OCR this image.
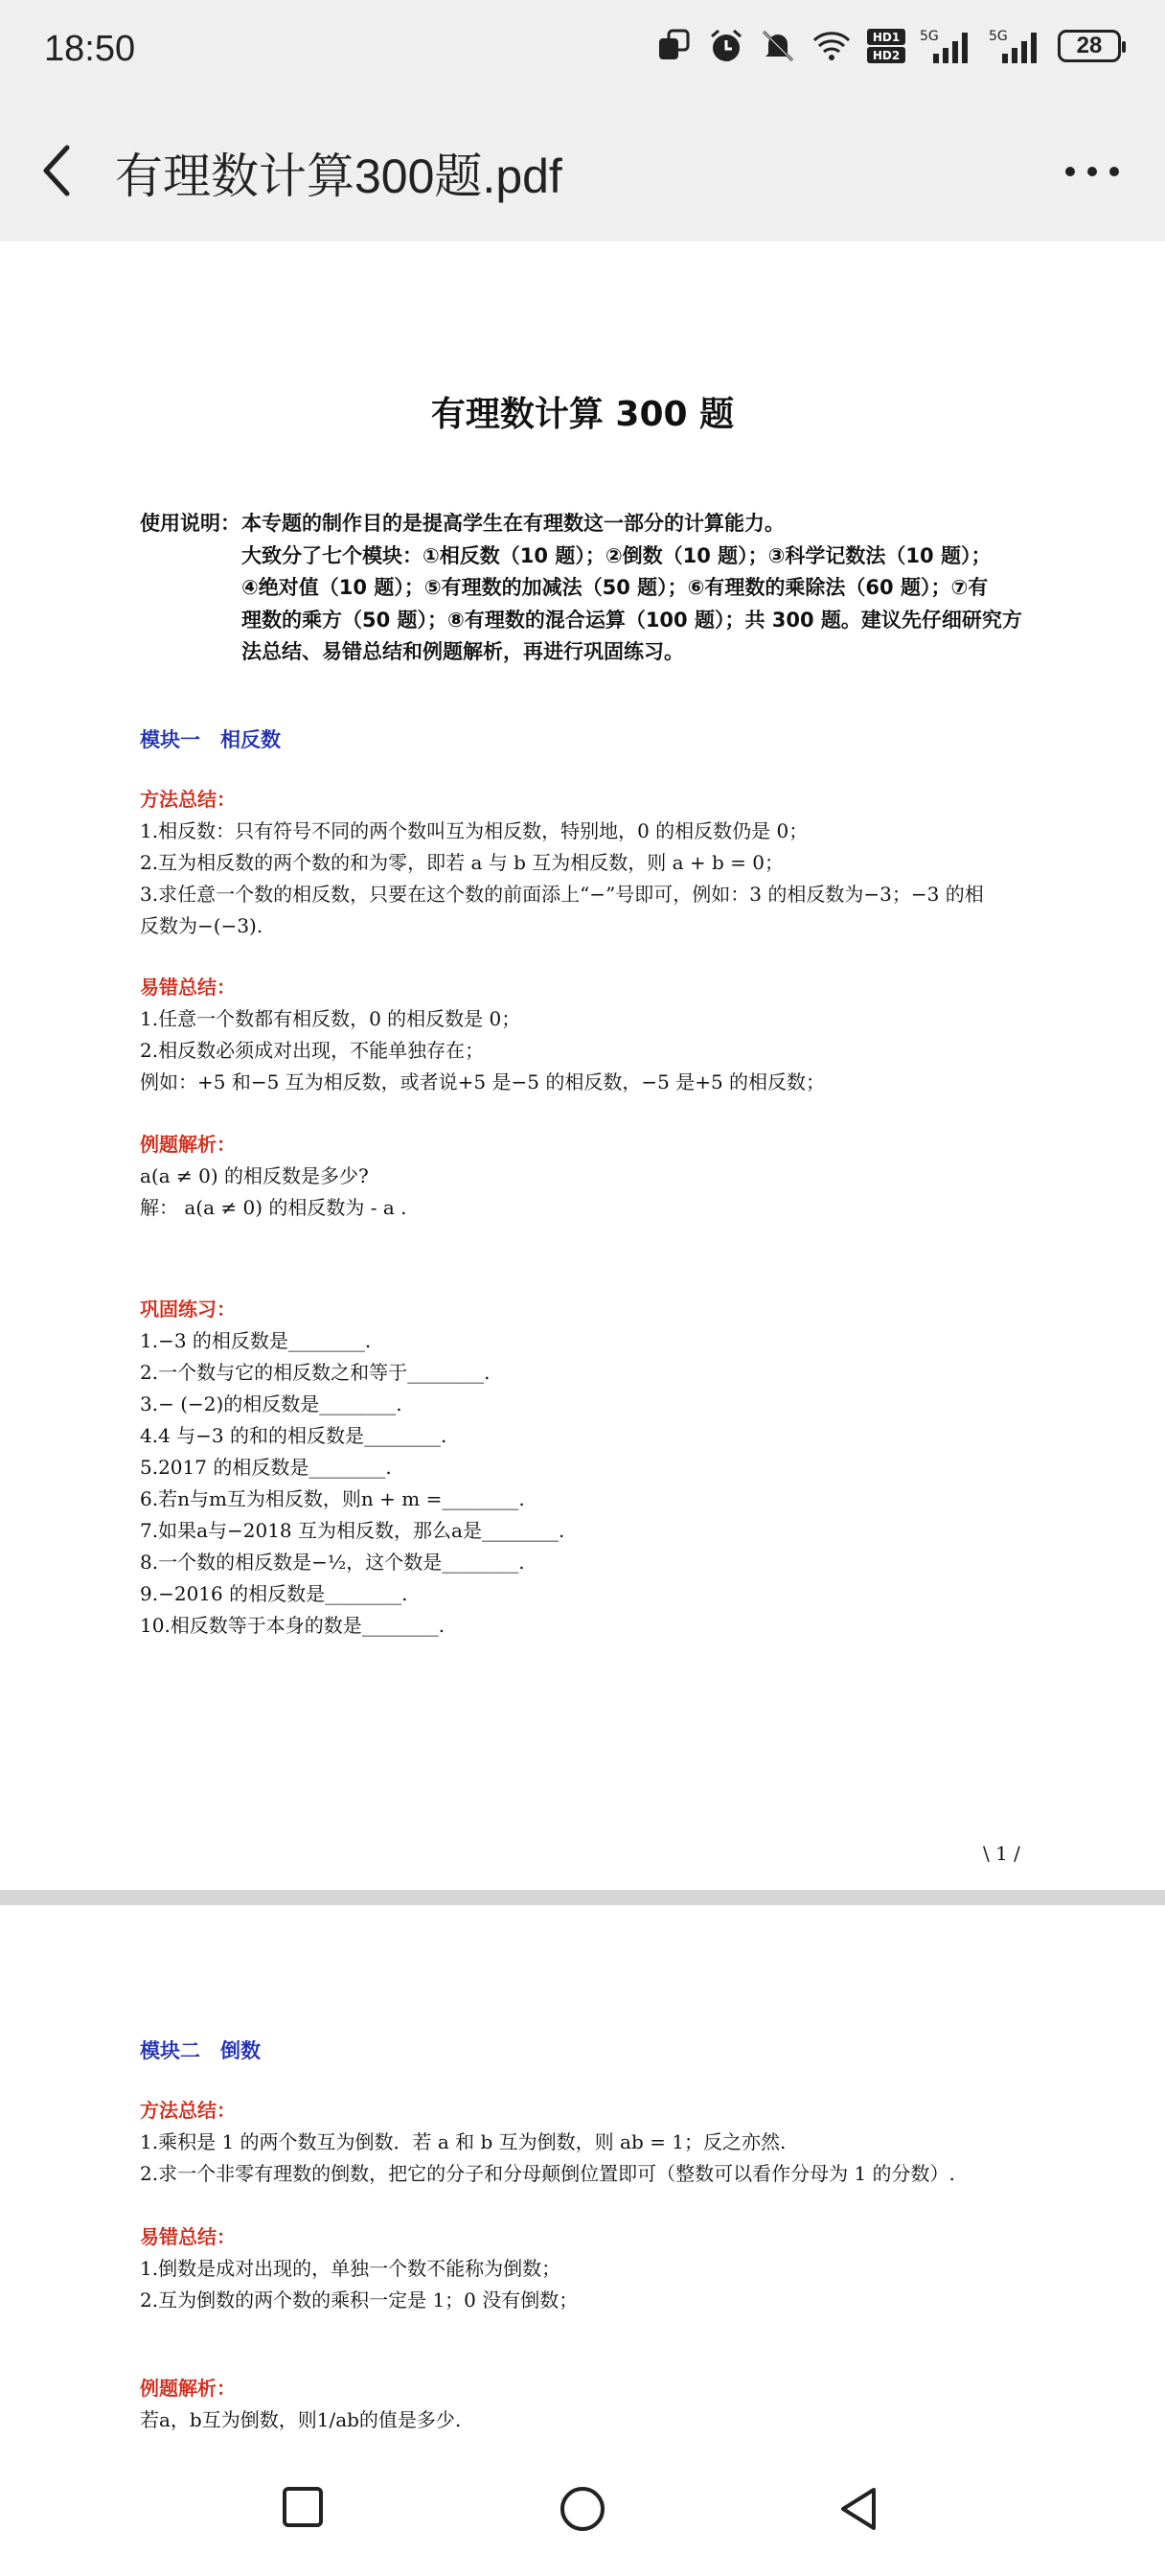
18:50	HD1
HD2
5G	5G	28
有理数计算300题.pdf
有理数计算 300 题
使用说明： 本专题的制作目的是提高学生在有理数这一部分的计算能力。
大致分了七个模块：①相反数（10 题）；②倒数（10 题）；③科学记数法（10 题）；
④绝对值（10 题）；⑤有理数的加减法（50 题）；⑥有理数的乘除法（60 题）；⑦有
理数的乘方（50 题）；⑧有理数的混合运算（100 题）；共 300 题。建议先仔细研究方
法总结、易错总结和例题解析，再进行巩固练习。
模块一　相反数
方法总结：
1.相反数：只有符号不同的两个数叫互为相反数，特别地，0 的相反数仍是 0；
2.互为相反数的两个数的和为零，即若 a 与 b 互为相反数，则 a + b = 0；
3.求任意一个数的相反数，只要在这个数的前面添上“−”号即可，例如：3 的相反数为−3；−3 的相
反数为−(−3).
易错总结：
1.任意一个数都有相反数，0 的相反数是 0；
2.相反数必须成对出现，不能单独存在；
例如：+5 和−5 互为相反数，或者说+5 是−5 的相反数，−5 是+5 的相反数；
例题解析：
a(a ≠ 0) 的相反数是多少?
解： a(a ≠ 0) 的相反数为 - a .
巩固练习：
1.−3 的相反数是________.
2.一个数与它的相反数之和等于________.
3.− (−2)的相反数是________.
4.4 与−3 的和的相反数是________.
5.2017 的相反数是________.
6.若n与m互为相反数，则n + m =________.
7.如果a与−2018 互为相反数，那么a是________.
8.一个数的相反数是−½，这个数是________.
9.−2016 的相反数是________.
10.相反数等于本身的数是________.
\ 1 /
模块二　倒数
方法总结：
1.乘积是 1 的两个数互为倒数．若 a 和 b 互为倒数，则 ab = 1；反之亦然.
2.求一个非零有理数的倒数，把它的分子和分母颠倒位置即可（整数可以看作分母为 1 的分数）.
易错总结：
1.倒数是成对出现的，单独一个数不能称为倒数；
2.互为倒数的两个数的乘积一定是 1；0 没有倒数；
例题解析：
若a，b互为倒数，则1/ab的值是多少.
